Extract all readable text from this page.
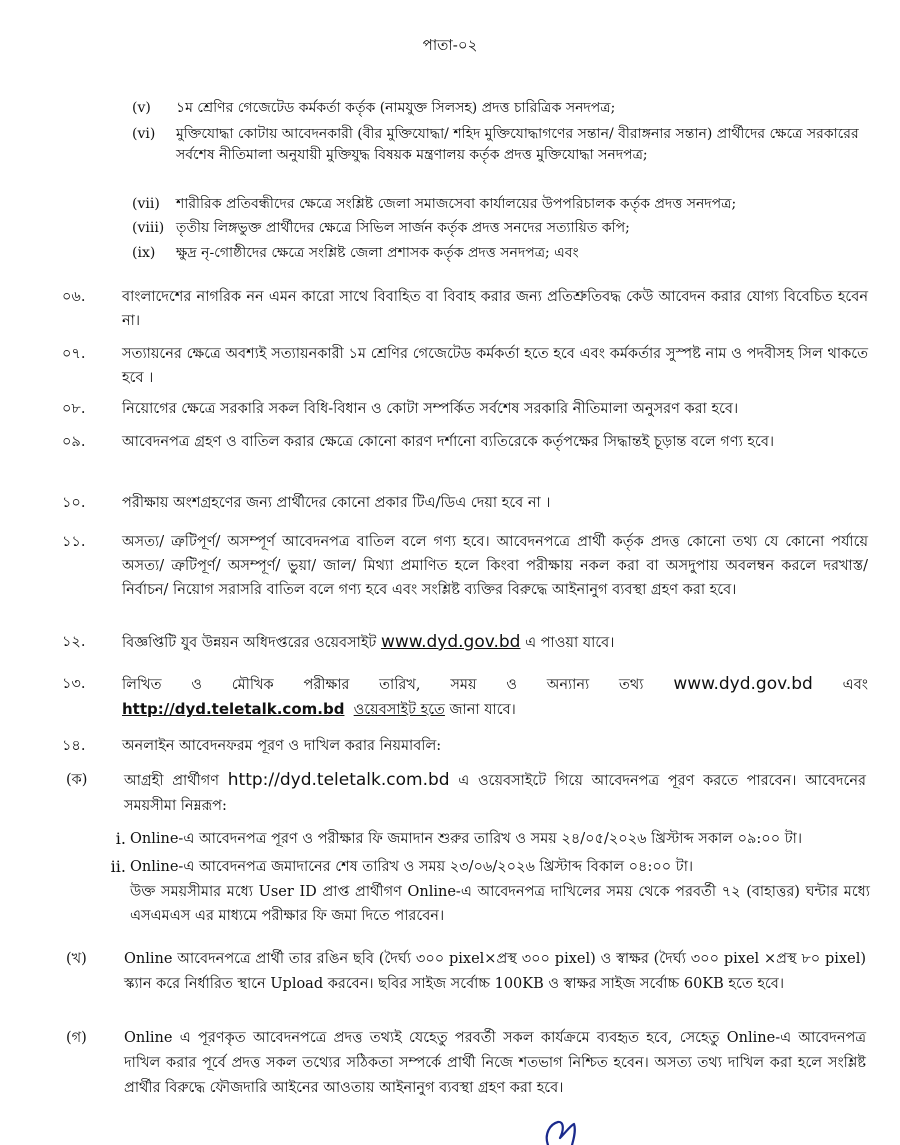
পাতা-০২
(v)	১ম শ্রেণির গেজেটেড কর্মকর্তা কর্তৃক (নামযুক্ত সিলসহ) প্রদত্ত চারিত্রিক সনদপত্র;
(vi)	মুক্তিযোদ্ধা কোটায় আবেদনকারী (বীর মুক্তিযোদ্ধা/ শহিদ মুক্তিযোদ্ধাগণের সন্তান/ বীরাঙ্গনার সন্তান) প্রার্থীদের ক্ষেত্রে সরকারের সর্বশেষ নীতিমালা অনুযায়ী মুক্তিযুদ্ধ বিষয়ক মন্ত্রণালয় কর্তৃক প্রদত্ত মুক্তিযোদ্ধা সনদপত্র;
(vii)	শারীরিক প্রতিবন্ধীদের ক্ষেত্রে সংশ্লিষ্ট জেলা সমাজসেবা কার্যালয়ের উপপরিচালক কর্তৃক প্রদত্ত সনদপত্র;
(viii) তৃতীয় লিঙ্গভুক্ত প্রার্থীদের ক্ষেত্রে সিভিল সার্জন কর্তৃক প্রদত্ত সনদের সত্যায়িত কপি;
(ix)	ক্ষুদ্র নৃ-গোষ্ঠীদের ক্ষেত্রে সংশ্লিষ্ট জেলা প্রশাসক কর্তৃক প্রদত্ত সনদপত্র; এবং
০৬.	বাংলাদেশের নাগরিক নন এমন কারো সাথে বিবাহিত বা বিবাহ করার জন্য প্রতিশ্রুতিবদ্ধ কেউ আবেদন করার যোগ্য বিবেচিত হবেন না।
০৭.	সত্যায়নের ক্ষেত্রে অবশ্যই সত্যায়নকারী ১ম শ্রেণির গেজেটেড কর্মকর্তা হতে হবে এবং কর্মকর্তার সুস্পষ্ট নাম ও পদবীসহ সিল থাকতে হবে ।
০৮.	নিয়োগের ক্ষেত্রে সরকারি সকল বিধি-বিধান ও কোটা সম্পর্কিত সর্বশেষ সরকারি নীতিমালা অনুসরণ করা হবে।
০৯.	আবেদনপত্র গ্রহণ ও বাতিল করার ক্ষেত্রে কোনো কারণ দর্শানো ব্যতিরেকে কর্তৃপক্ষের সিদ্ধান্তই চূড়ান্ত বলে গণ্য হবে।
১০.	পরীক্ষায় অংশগ্রহণের জন্য প্রার্থীদের কোনো প্রকার টিএ/ডিএ দেয়া হবে না ।
১১.	অসত্য/ ত্রুটিপূর্ণ/ অসম্পূর্ণ আবেদনপত্র বাতিল বলে গণ্য হবে। আবেদনপত্রে প্রার্থী কর্তৃক প্রদত্ত কোনো তথ্য যে কোনো পর্যায়ে অসত্য/ ত্রুটিপূর্ণ/ অসম্পূর্ণ/ ভুয়া/ জাল/ মিথ্যা প্রমাণিত হলে কিংবা পরীক্ষায় নকল করা বা অসদুপায় অবলম্বন করলে দরখাস্ত/ নির্বাচন/ নিয়োগ সরাসরি বাতিল বলে গণ্য হবে এবং সংশ্লিষ্ট ব্যক্তির বিরুদ্ধে আইনানুগ ব্যবস্থা গ্রহণ করা হবে।
১২.	বিজ্ঞপ্তিটি যুব উন্নয়ন অধিদপ্তরের ওয়েবসাইট www.dyd.gov.bd এ পাওয়া যাবে।
১৩.	লিখিত ও মৌখিক পরীক্ষার তারিখ, সময় ও অন্যান্য তথ্য www.dyd.gov.bd এবং http://dyd.teletalk.com.bd ওয়েবসাইট হতে জানা যাবে।
১৪.	অনলাইন আবেদনফরম পূরণ ও দাখিল করার নিয়মাবলি:
(ক)	আগ্রহী প্রার্থীগণ http://dyd.teletalk.com.bd এ ওয়েবসাইটে গিয়ে আবেদনপত্র পূরণ করতে পারবেন। আবেদনের সময়সীমা নিম্নরূপ:
i. Online-এ আবেদনপত্র পূরণ ও পরীক্ষার ফি জমাদান শুরুর তারিখ ও সময় ২৪/০৫/২০২৬ খ্রিস্টাব্দ সকাল ০৯:০০ টা।
ii. Online-এ আবেদনপত্র জমাদানের শেষ তারিখ ও সময় ২৩/০৬/২০২৬ খ্রিস্টাব্দ বিকাল ০৪:০০ টা।
উক্ত সময়সীমার মধ্যে User ID প্রাপ্ত প্রার্থীগণ Online-এ আবেদনপত্র দাখিলের সময় থেকে পরবর্তী ৭২ (বাহাত্তর) ঘন্টার মধ্যে এসএমএস এর মাধ্যমে পরীক্ষার ফি জমা দিতে পারবেন।
(খ)	Online আবেদনপত্রে প্রার্থী তার রঙিন ছবি (দৈর্ঘ্য ৩০০ pixel×প্রস্থ ৩০০ pixel) ও স্বাক্ষর (দৈর্ঘ্য ৩০০ pixel ×প্রস্থ ৮০ pixel) স্ক্যান করে নির্ধারিত স্থানে Upload করবেন। ছবির সাইজ সর্বোচ্চ 100KB ও স্বাক্ষর সাইজ সর্বোচ্চ 60KB হতে হবে।
(গ)	Online এ পূরণকৃত আবেদনপত্রে প্রদত্ত তথ্যই যেহেতু পরবর্তী সকল কার্যক্রমে ব্যবহৃত হবে, সেহেতু Online-এ আবেদনপত্র দাখিল করার পূর্বে প্রদত্ত সকল তথ্যের সঠিকতা সম্পর্কে প্রার্থী নিজে শতভাগ নিশ্চিত হবেন। অসত্য তথ্য দাখিল করা হলে সংশ্লিষ্ট প্রার্থীর বিরুদ্ধে ফৌজদারি আইনের আওতায় আইনানুগ ব্যবস্থা গ্রহণ করা হবে।
